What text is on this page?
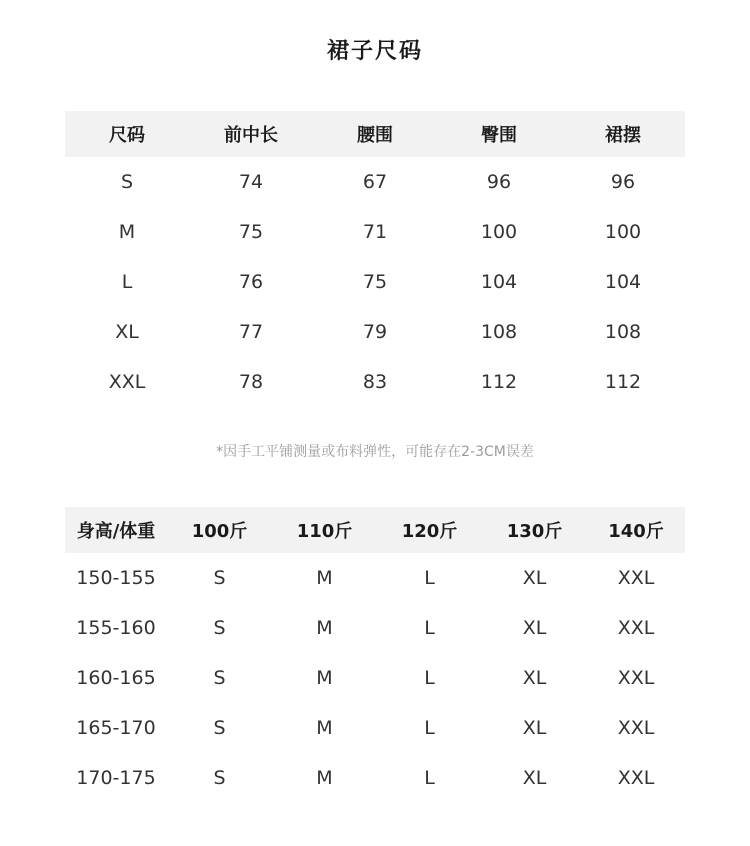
裙子尺码
尺码	前中长	腰围	臀围	裙摆
S	74	67	96	96
M	75	71	100	100
L	76	75	104	104
XL	77	79	108	108
XXL	78	83	112	112
*因手工平铺测量或布料弹性，可能存在2-3CM误差
身高/体重	100斤	110斤	120斤	130斤	140斤
150-155	S	M	L	XL	XXL
155-160	S	M	L	XL	XXL
160-165	S	M	L	XL	XXL
165-170	S	M	L	XL	XXL
170-175	S	M	L	XL	XXL
